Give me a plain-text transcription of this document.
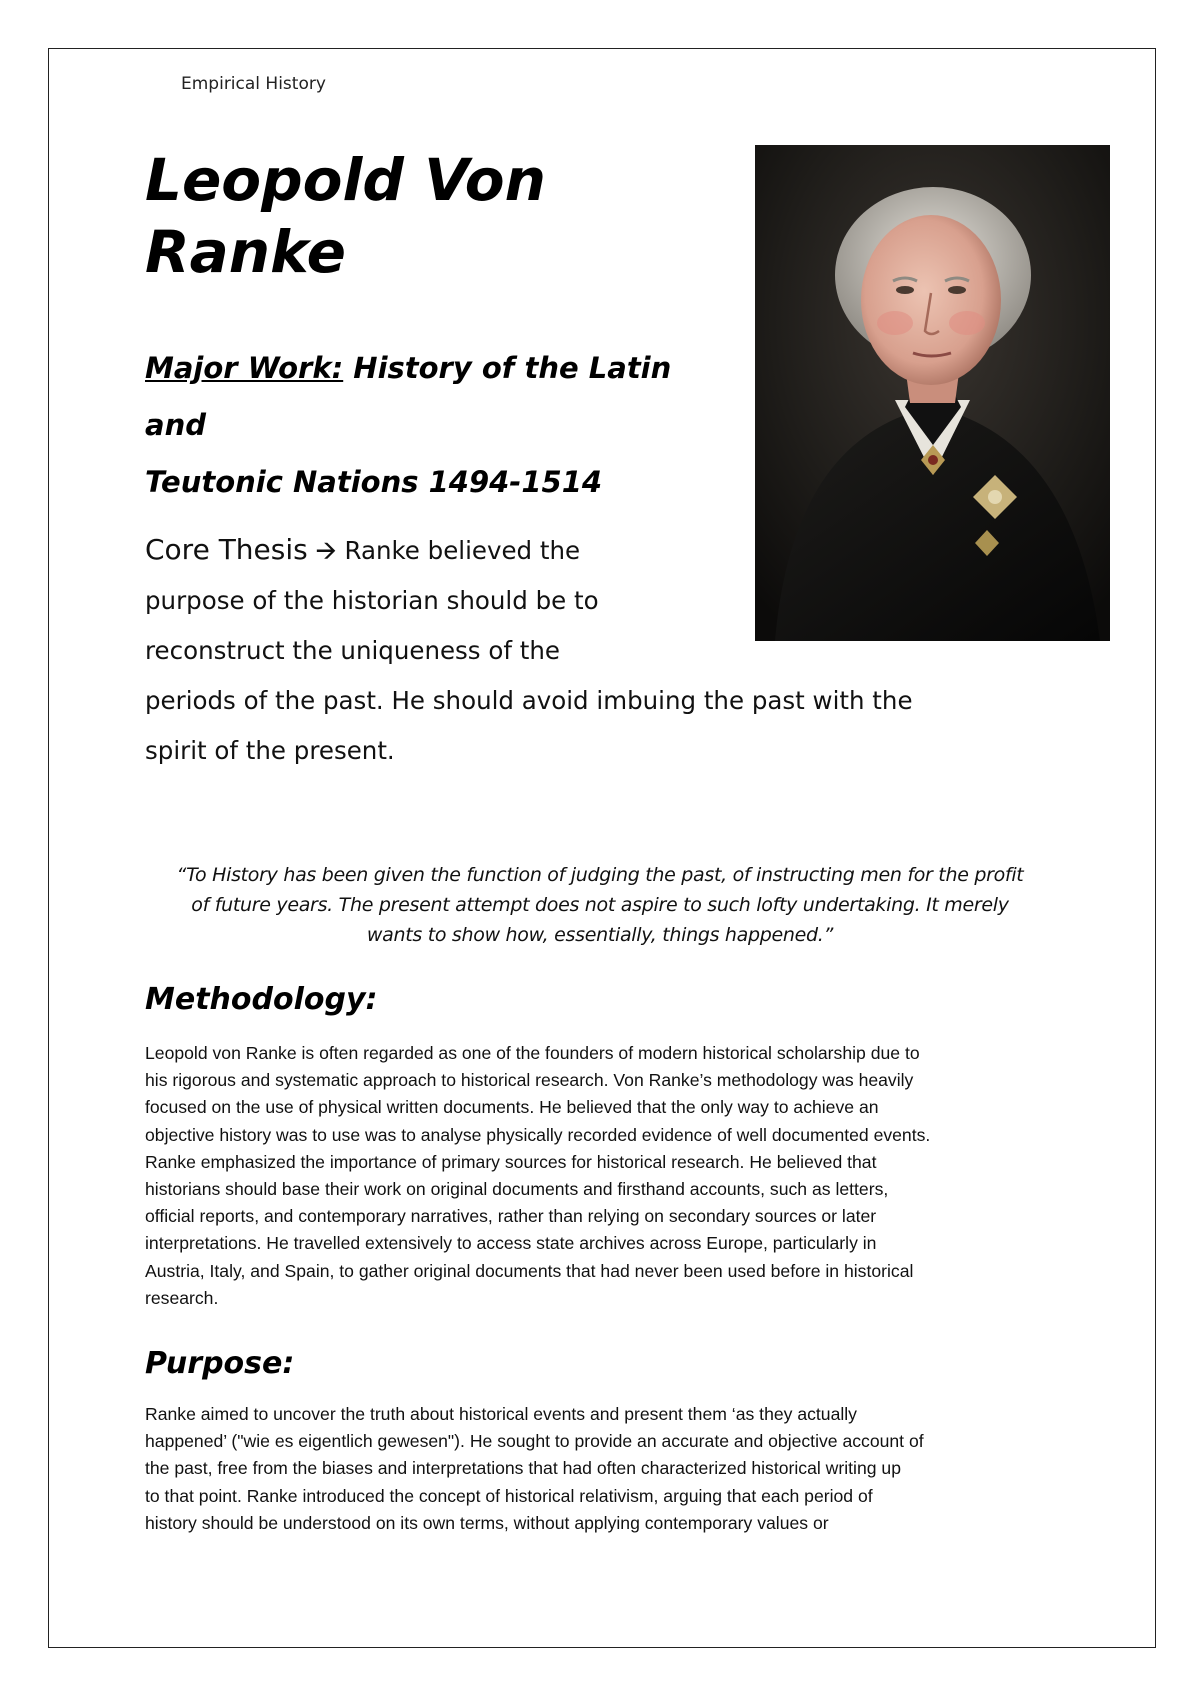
Empirical History
Leopold Von
Ranke
Major Work: History of the Latin
and
Teutonic Nations 1494-1514

Core Thesis 🡪 Ranke believed the
purpose of the historian should be to
reconstruct the uniqueness of the
periods of the past. He should avoid imbuing the past with the
spirit of the present.

“To History has been given the function of judging the past, of instructing men for the profit
of future years. The present attempt does not aspire to such lofty undertaking. It merely
wants to show how, essentially, things happened.”

Methodology:

Leopold von Ranke is often regarded as one of the founders of modern historical scholarship due to
his rigorous and systematic approach to historical research. Von Ranke’s methodology was heavily
focused on the use of physical written documents. He believed that the only way to achieve an
objective history was to use was to analyse physically recorded evidence of well documented events.
Ranke emphasized the importance of primary sources for historical research. He believed that
historians should base their work on original documents and firsthand accounts, such as letters,
official reports, and contemporary narratives, rather than relying on secondary sources or later
interpretations. He travelled extensively to access state archives across Europe, particularly in
Austria, Italy, and Spain, to gather original documents that had never been used before in historical
research.

Purpose:

Ranke aimed to uncover the truth about historical events and present them ‘as they actually
happened’ ("wie es eigentlich gewesen"). He sought to provide an accurate and objective account of
the past, free from the biases and interpretations that had often characterized historical writing up
to that point. Ranke introduced the concept of historical relativism, arguing that each period of
history should be understood on its own terms, without applying contemporary values or
